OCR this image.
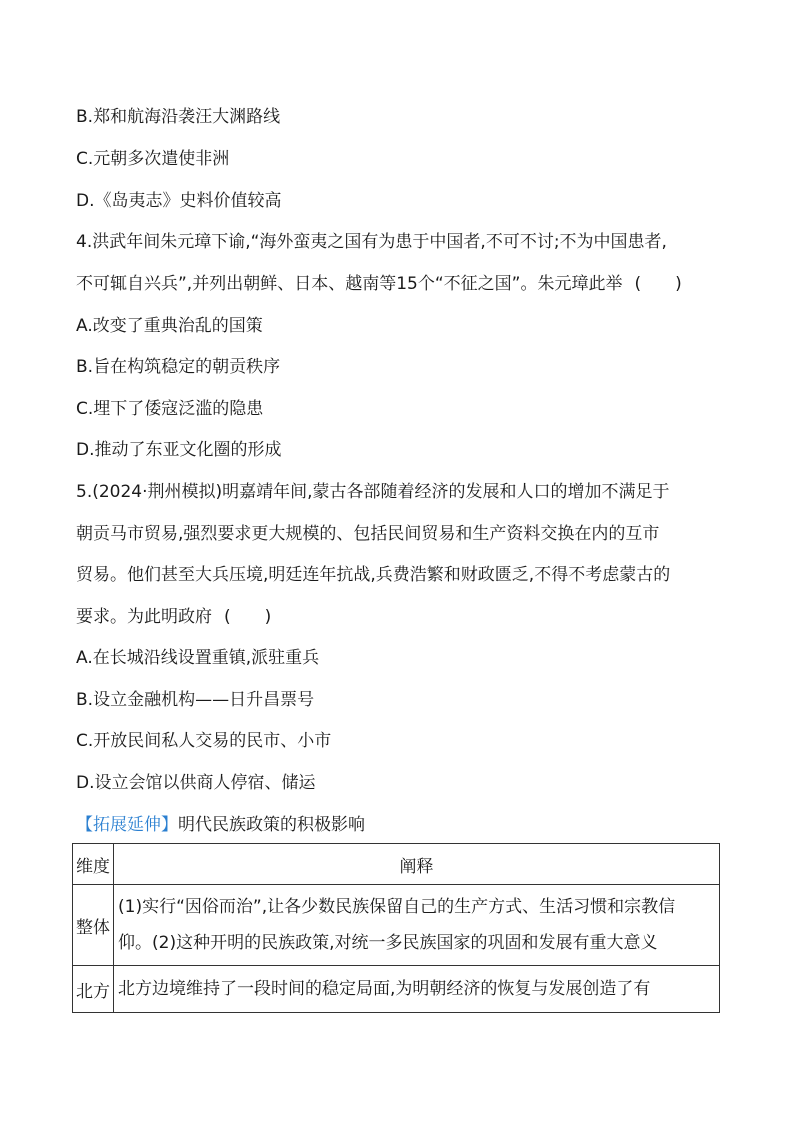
B.郑和航海沿袭汪大渊路线
C.元朝多次遣使非洲
D.《岛夷志》史料价值较高
4.洪武年间朱元璋下谕,“海外蛮夷之国有为患于中国者,不可不讨;不为中国患者,
不可辄自兴兵”,并列出朝鲜、日本、越南等15个“不征之国”。朱元璋此举 (　　)
A.改变了重典治乱的国策
B.旨在构筑稳定的朝贡秩序
C.埋下了倭寇泛滥的隐患
D.推动了东亚文化圈的形成
5.(2024·荆州模拟)明嘉靖年间,蒙古各部随着经济的发展和人口的增加不满足于
朝贡马市贸易,强烈要求更大规模的、包括民间贸易和生产资料交换在内的互市
贸易。他们甚至大兵压境,明廷连年抗战,兵费浩繁和财政匮乏,不得不考虑蒙古的
要求。为此明政府 (　　)
A.在长城沿线设置重镇,派驻重兵
B.设立金融机构——日升昌票号
C.开放民间私人交易的民市、小市
D.设立会馆以供商人停宿、储运
【拓展延伸】明代民族政策的积极影响
维度	阐释
整体	(1)实行“因俗而治”,让各少数民族保留自己的生产方式、生活习惯和宗教信
仰。(2)这种开明的民族政策,对统一多民族国家的巩固和发展有重大意义

北方	北方边境维持了一段时间的稳定局面,为明朝经济的恢复与发展创造了有
